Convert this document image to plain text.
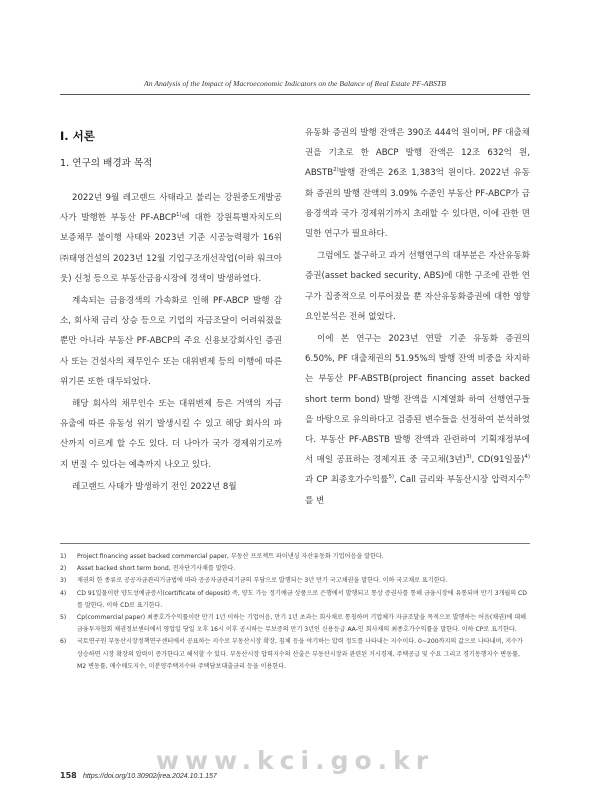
An Analysis of the Impact of Macroeconomic Indicators on the Balance of Real Estate PF-ABSTB
Ⅰ. 서론
1. 연구의 배경과 목적

2022년 9월 레고랜드 사태라고 불리는 강원중도개발공사가 발행한 부동산 PF-ABCP$^{1)}$에 대한 강원특별자치도의 보증채무 불이행 사태와 2023년 기준 시공능력평가 16위 ㈜태영건설의 2023년 12월 기업구조개선작업(이하 워크아웃) 신청 등으로 부동산금융시장에 경색이 발생하였다.

계속되는 금융경색의 가속화로 인해 PF-ABCP 발행 감소, 회사채 금리 상승 등으로 기업의 자금조달이 어려워졌을 뿐만 아니라 부동산 PF-ABCP의 주요 신용보강회사인 증권사 또는 건설사의 채무인수 또는 대위변제 등의 이행에 따른 위기론 또한 대두되었다.

해당 회사의 채무인수 또는 대위변제 등은 거액의 자금 유출에 따른 유동성 위기 발생시킬 수 있고 해당 회사의 파산까지 이르게 할 수도 있다. 더 나아가 국가 경제위기로까지 번질 수 있다는 예측까지 나오고 있다.

레고랜드 사태가 발생하기 전인 2022년 8월

유동화 증권의 발행 잔액은 390조 444억 원이며, PF 대출채권을 기초로 한 ABCP 발행 잔액은 12조 632억 원, ABSTB$^{2)}$발행 잔액은 26조 1,383억 원이다. 2022년 유동화 증권의 발행 잔액의 3.09% 수준인 부동산 PF-ABCP가 금융경색과 국가 경제위기까지 초래할 수 있다면, 이에 관한 면밀한 연구가 필요하다.

그럼에도 불구하고 과거 선행연구의 대부분은 자산유동화증권(asset backed security, ABS)에 대한 구조에 관한 연구가 집중적으로 이루어졌을 뿐 자산유동화증권에 대한 영향 요인분석은 전혀 없었다.

이에 본 연구는 2023년 연말 기준 유동화 증권의 6.50%, PF 대출채권의 51.95%의 발행 잔액 비중을 차지하는 부동산 PF-ABSTB(project financing asset backed short term bond) 발행 잔액을 시계열화 하여 선행연구들을 바탕으로 유의하다고 검증된 변수들을 선정하여 분석하였다. 부동산 PF-ABSTB 발행 잔액과 관련하여 기획재정부에서 매일 공표하는 경제지표 중 국고채(3년)$^{3)}$, CD(91일물)$^{4)}$과 CP 최종호가수익률$^{5)}$, Call 금리와 부동산시장 압력지수$^{6)}$를 변

1)	Project financing asset backed commercial paper, 부동산 프로젝트 파이낸싱 자산유동화 기업어음을 말한다.
2)	Asset backed short term bond, 전자단기사채를 말한다.
3)	재권의 한 종류로 공공자금관리기금법에 따라 공공자금관리기금의 부담으로 발행되는 3년 만기 국고채권을 말한다. 이하 국고채로 표기한다.
4)	CD 91일물이란 양도성예금증서(certificate of deposit) 즉, 양도 가능 정기예금 상품으로 은행에서 발행되고 통상 증권사를 통해 금융시장에 유통되며 만기 3개월의 CD를 말한다. 이하 CD로 표기한다.
5)	Cp(commercial paper) 최종호가수익률이란 만기 1년 이하는 기업어음, 만기 1년 초과는 회사채로 통칭하며 기업체가 자금조달을 목적으로 발행하는 어음(채권)에 대해 금융투자협회 채권정보센터에서 영업일 당일 오후 16시 이후 공시하는 무보증의 만기 3년인 신용등급 AA-인 회사채의 최종호가수익률을 말한다. 이하 CP로 표기한다.
6)	국토연구원 부동산시장정책연구센터에서 공표하는 지수로 부동산시장 확장, 침체 등을 야기하는 압력 정도를 나타내는 지수이다. 0~200까지의 값으로 나타내며, 지수가 상승하면 시장 확장의 압력이 증가한다고 해석할 수 있다. 부동산시장 압력지수의 산출은 부동산시장과 관련된 거시경제, 주택공급 및 수요 그리고 경기동행지수 변동률, M2 변동률, 매수매도지수, 미분양주택지수와 주택담보대출금리 등을 이용한다.
www.kci.go.kr
158 https://doi.org/10.30902/jrea.2024.10.1.157
